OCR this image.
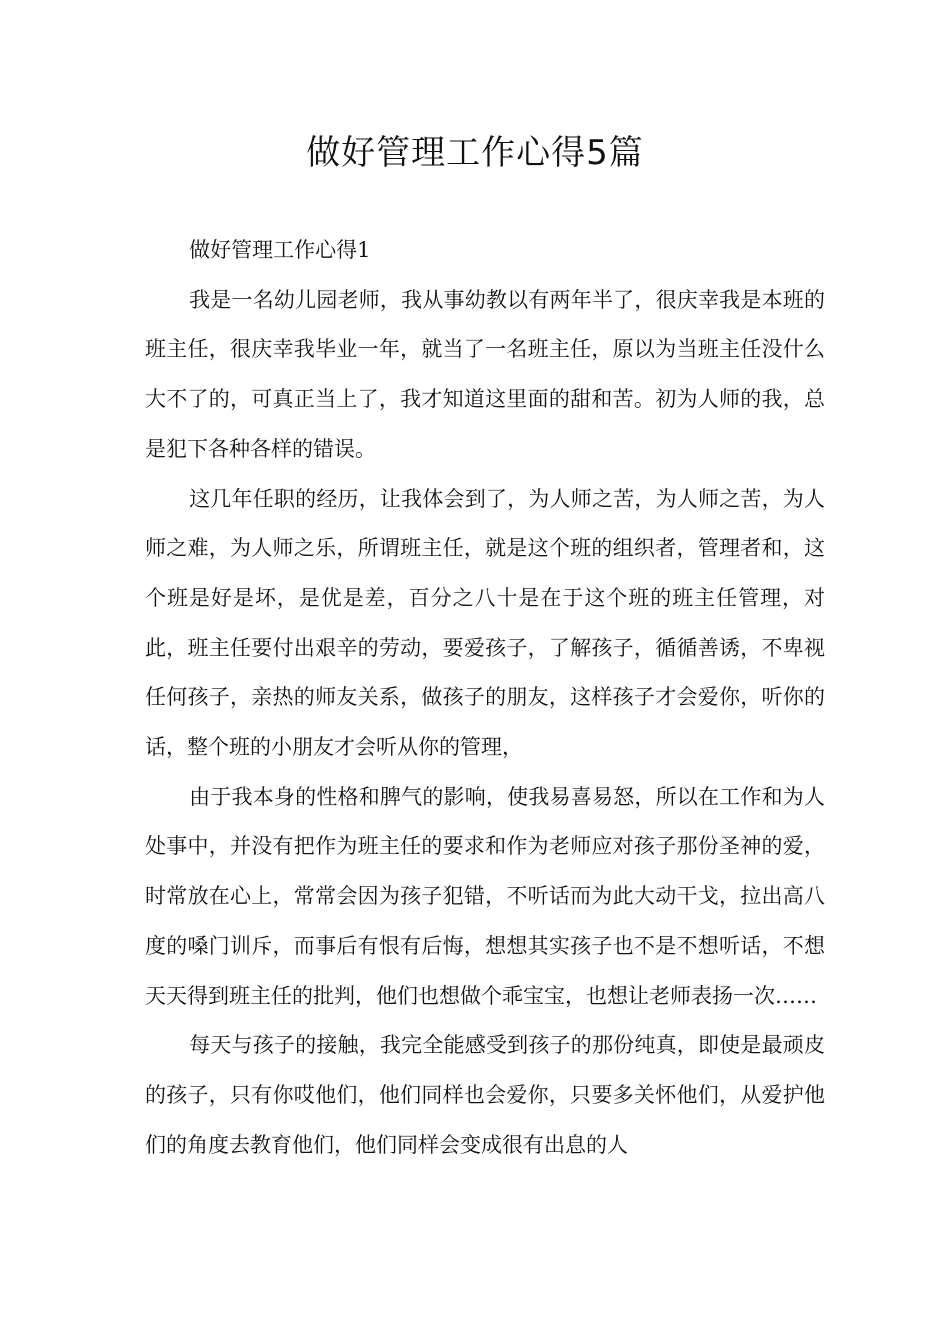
做好管理工作心得5篇

做好管理工作心得1

我是一名幼儿园老师，我从事幼教以有两年半了，很庆幸我是本班的班主任，很庆幸我毕业一年，就当了一名班主任，原以为当班主任没什么大不了的，可真正当上了，我才知道这里面的甜和苦。初为人师的我，总是犯下各种各样的错误。

这几年任职的经历，让我体会到了，为人师之苦，为人师之苦，为人师之难，为人师之乐，所谓班主任，就是这个班的组织者，管理者和，这个班是好是坏，是优是差，百分之八十是在于这个班的班主任管理，对此，班主任要付出艰辛的劳动，要爱孩子，了解孩子，循循善诱，不卑视任何孩子，亲热的师友关系，做孩子的朋友，这样孩子才会爱你，听你的话，整个班的小朋友才会听从你的管理，

由于我本身的性格和脾气的影响，使我易喜易怒，所以在工作和为人处事中，并没有把作为班主任的要求和作为老师应对孩子那份圣神的爱，时常放在心上，常常会因为孩子犯错，不听话而为此大动干戈，拉出高八度的嗓门训斥，而事后有恨有后悔，想想其实孩子也不是不想听话，不想天天得到班主任的批判，他们也想做个乖宝宝，也想让老师表扬一次……

每天与孩子的接触，我完全能感受到孩子的那份纯真，即使是最顽皮的孩子，只有你哎他们，他们同样也会爱你，只要多关怀他们，从爱护他们的角度去教育他们，他们同样会变成很有出息的人
